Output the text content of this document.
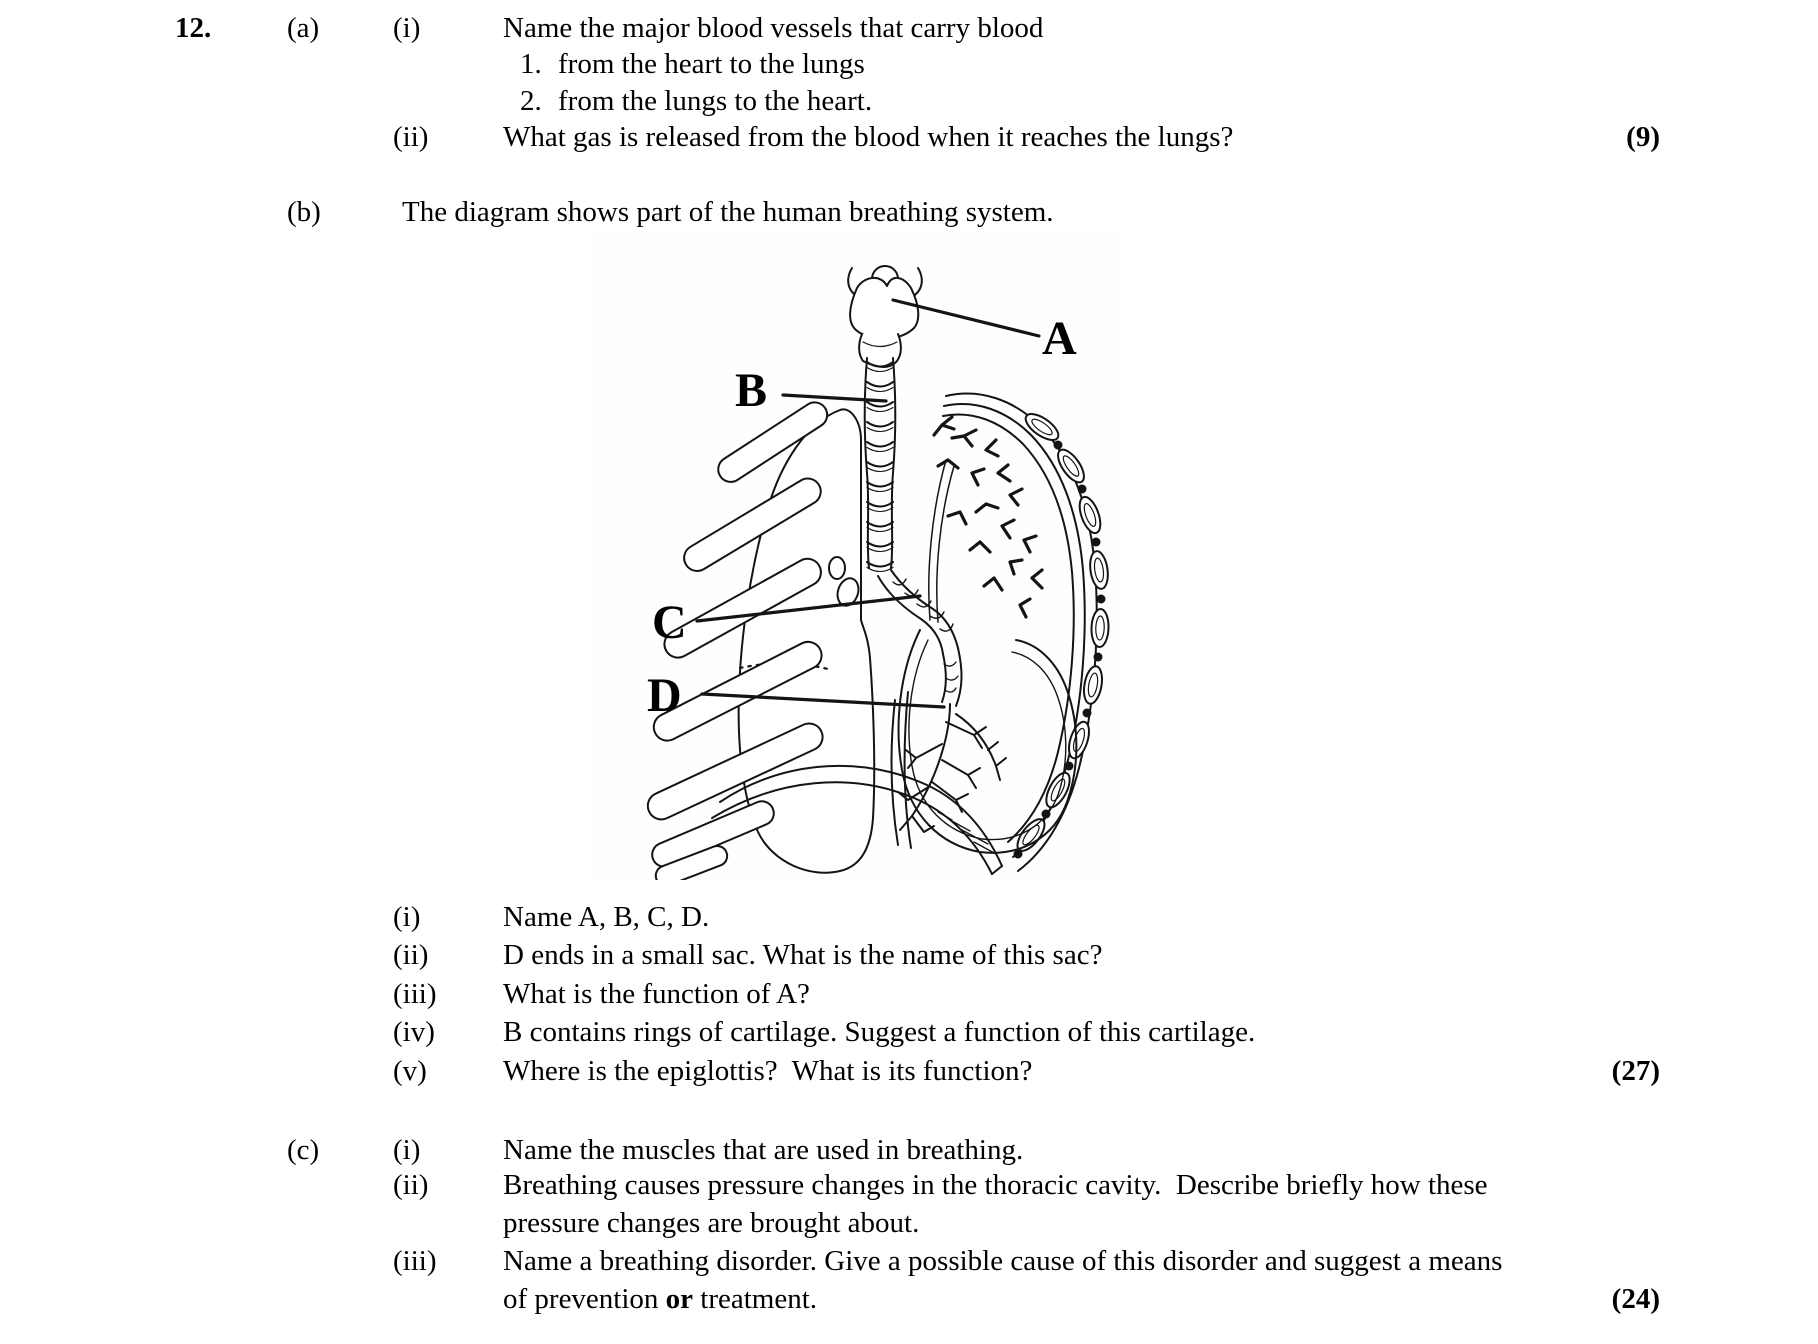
12.	(a)	(i)	Name the major blood vessels that carry blood
1. from the heart to the lungs
2. from the lungs to the heart.
(ii)	What gas is released from the blood when it reaches the lungs?	(9)
(b)	The diagram shows part of the human breathing system.
A
B
C
D
(i)	Name A, B, C, D.
(ii)	D ends in a small sac. What is the name of this sac?
(iii) What is the function of A?
(iv) B contains rings of cartilage. Suggest a function of this cartilage.
(v)	Where is the epiglottis?  What is its function?	(27)
(c)	(i)	Name the muscles that are used in breathing.
(ii)	Breathing causes pressure changes in the thoracic cavity.  Describe briefly how these
pressure changes are brought about.
(iii) Name a breathing disorder. Give a possible cause of this disorder and suggest a means
of prevention or treatment.	(24)
